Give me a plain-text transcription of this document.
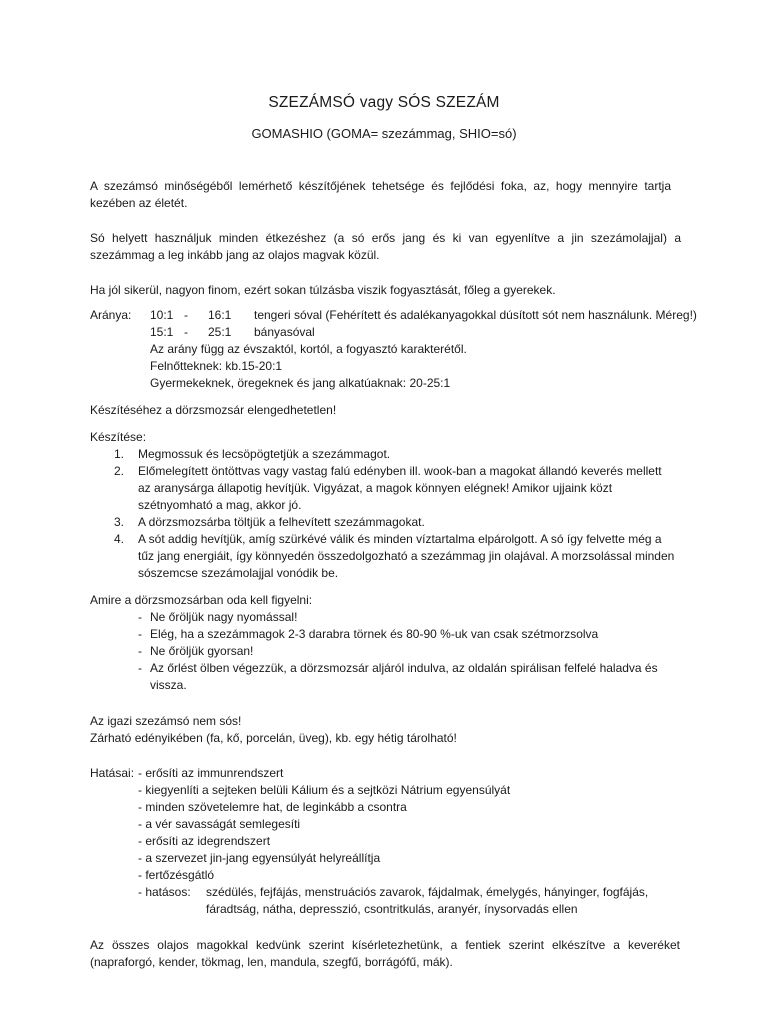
SZEZÁMSÓ vagy SÓS SZEZÁM
GOMASHIO (GOMA= szezámmag, SHIO=só)
A szezámsó minőségéből lemérhető készítőjének tehetsége és fejlődési foka, az, hogy mennyire tartja
kezében az életét.
Só helyett használjuk minden étkezéshez (a só erős jang és ki van egyenlítve a jin szezámolajjal) a
szezámmag a leg inkább jang az olajos magvak közül.
Ha jól sikerül, nagyon finom, ezért sokan túlzásba viszik fogyasztását, főleg a gyerekek.
Aránya: 10:1 - 16:1 tengeri sóval (Fehérített és adalékanyagokkal dúsított sót nem használunk. Méreg!)
15:1 - 25:1 bányasóval
Az arány függ az évszaktól, kortól, a fogyasztó karakterétől.
Felnőtteknek: kb.15-20:1
Gyermekeknek, öregeknek és jang alkatúaknak: 20-25:1
Készítéséhez a dörzsmozsár elengedhetetlen!
Készítése:
1. Megmossuk és lecsöpögtetjük a szezámmagot.
2. Előmelegített öntöttvas vagy vastag falú edényben ill. wook-ban a magokat állandó keverés mellett
az aranysárga állapotig hevítjük. Vigyázat, a magok könnyen elégnek! Amikor ujjaink közt
szétnyomható a mag, akkor jó.
3. A dörzsmozsárba töltjük a felhevített szezámmagokat.
4. A sót addig hevítjük, amíg szürkévé válik és minden víztartalma elpárolgott. A só így felvette még a
tűz jang energiáit, így könnyedén összedolgozható a szezámmag jin olajával. A morzsolással minden
sószemcse szezámolajjal vonódik be.
Amire a dörzsmozsárban oda kell figyelni:
- Ne őröljük nagy nyomással!
- Elég, ha a szezámmagok 2-3 darabra törnek és 80-90 %-uk van csak szétmorzsolva
- Ne őröljük gyorsan!
- Az őrlést ölben végezzük, a dörzsmozsár aljáról indulva, az oldalán spirálisan felfelé haladva és
vissza.
Az igazi szezámsó nem sós!
Zárható edényikében (fa, kő, porcelán, üveg), kb. egy hétig tárolható!
Hatásai: - erősíti az immunrendszert
- kiegyenlíti a sejteken belüli Kálium és a sejtközi Nátrium egyensúlyát
- minden szövetelemre hat, de leginkább a csontra
- a vér savasságát semlegesíti
- erősíti az idegrendszert
- a szervezet jin-jang egyensúlyát helyreállítja
- fertőzésgátló
- hatásos: szédülés, fejfájás, menstruációs zavarok, fájdalmak, émelygés, hányinger, fogfájás,
fáradtság, nátha, depresszió, csontritkulás, aranyér, ínysorvadás ellen
Az összes olajos magokkal kedvünk szerint kísérletezhetünk, a fentiek szerint elkészítve a keveréket
(napraforgó, kender, tökmag, len, mandula, szegfű, borrágófű, mák).
